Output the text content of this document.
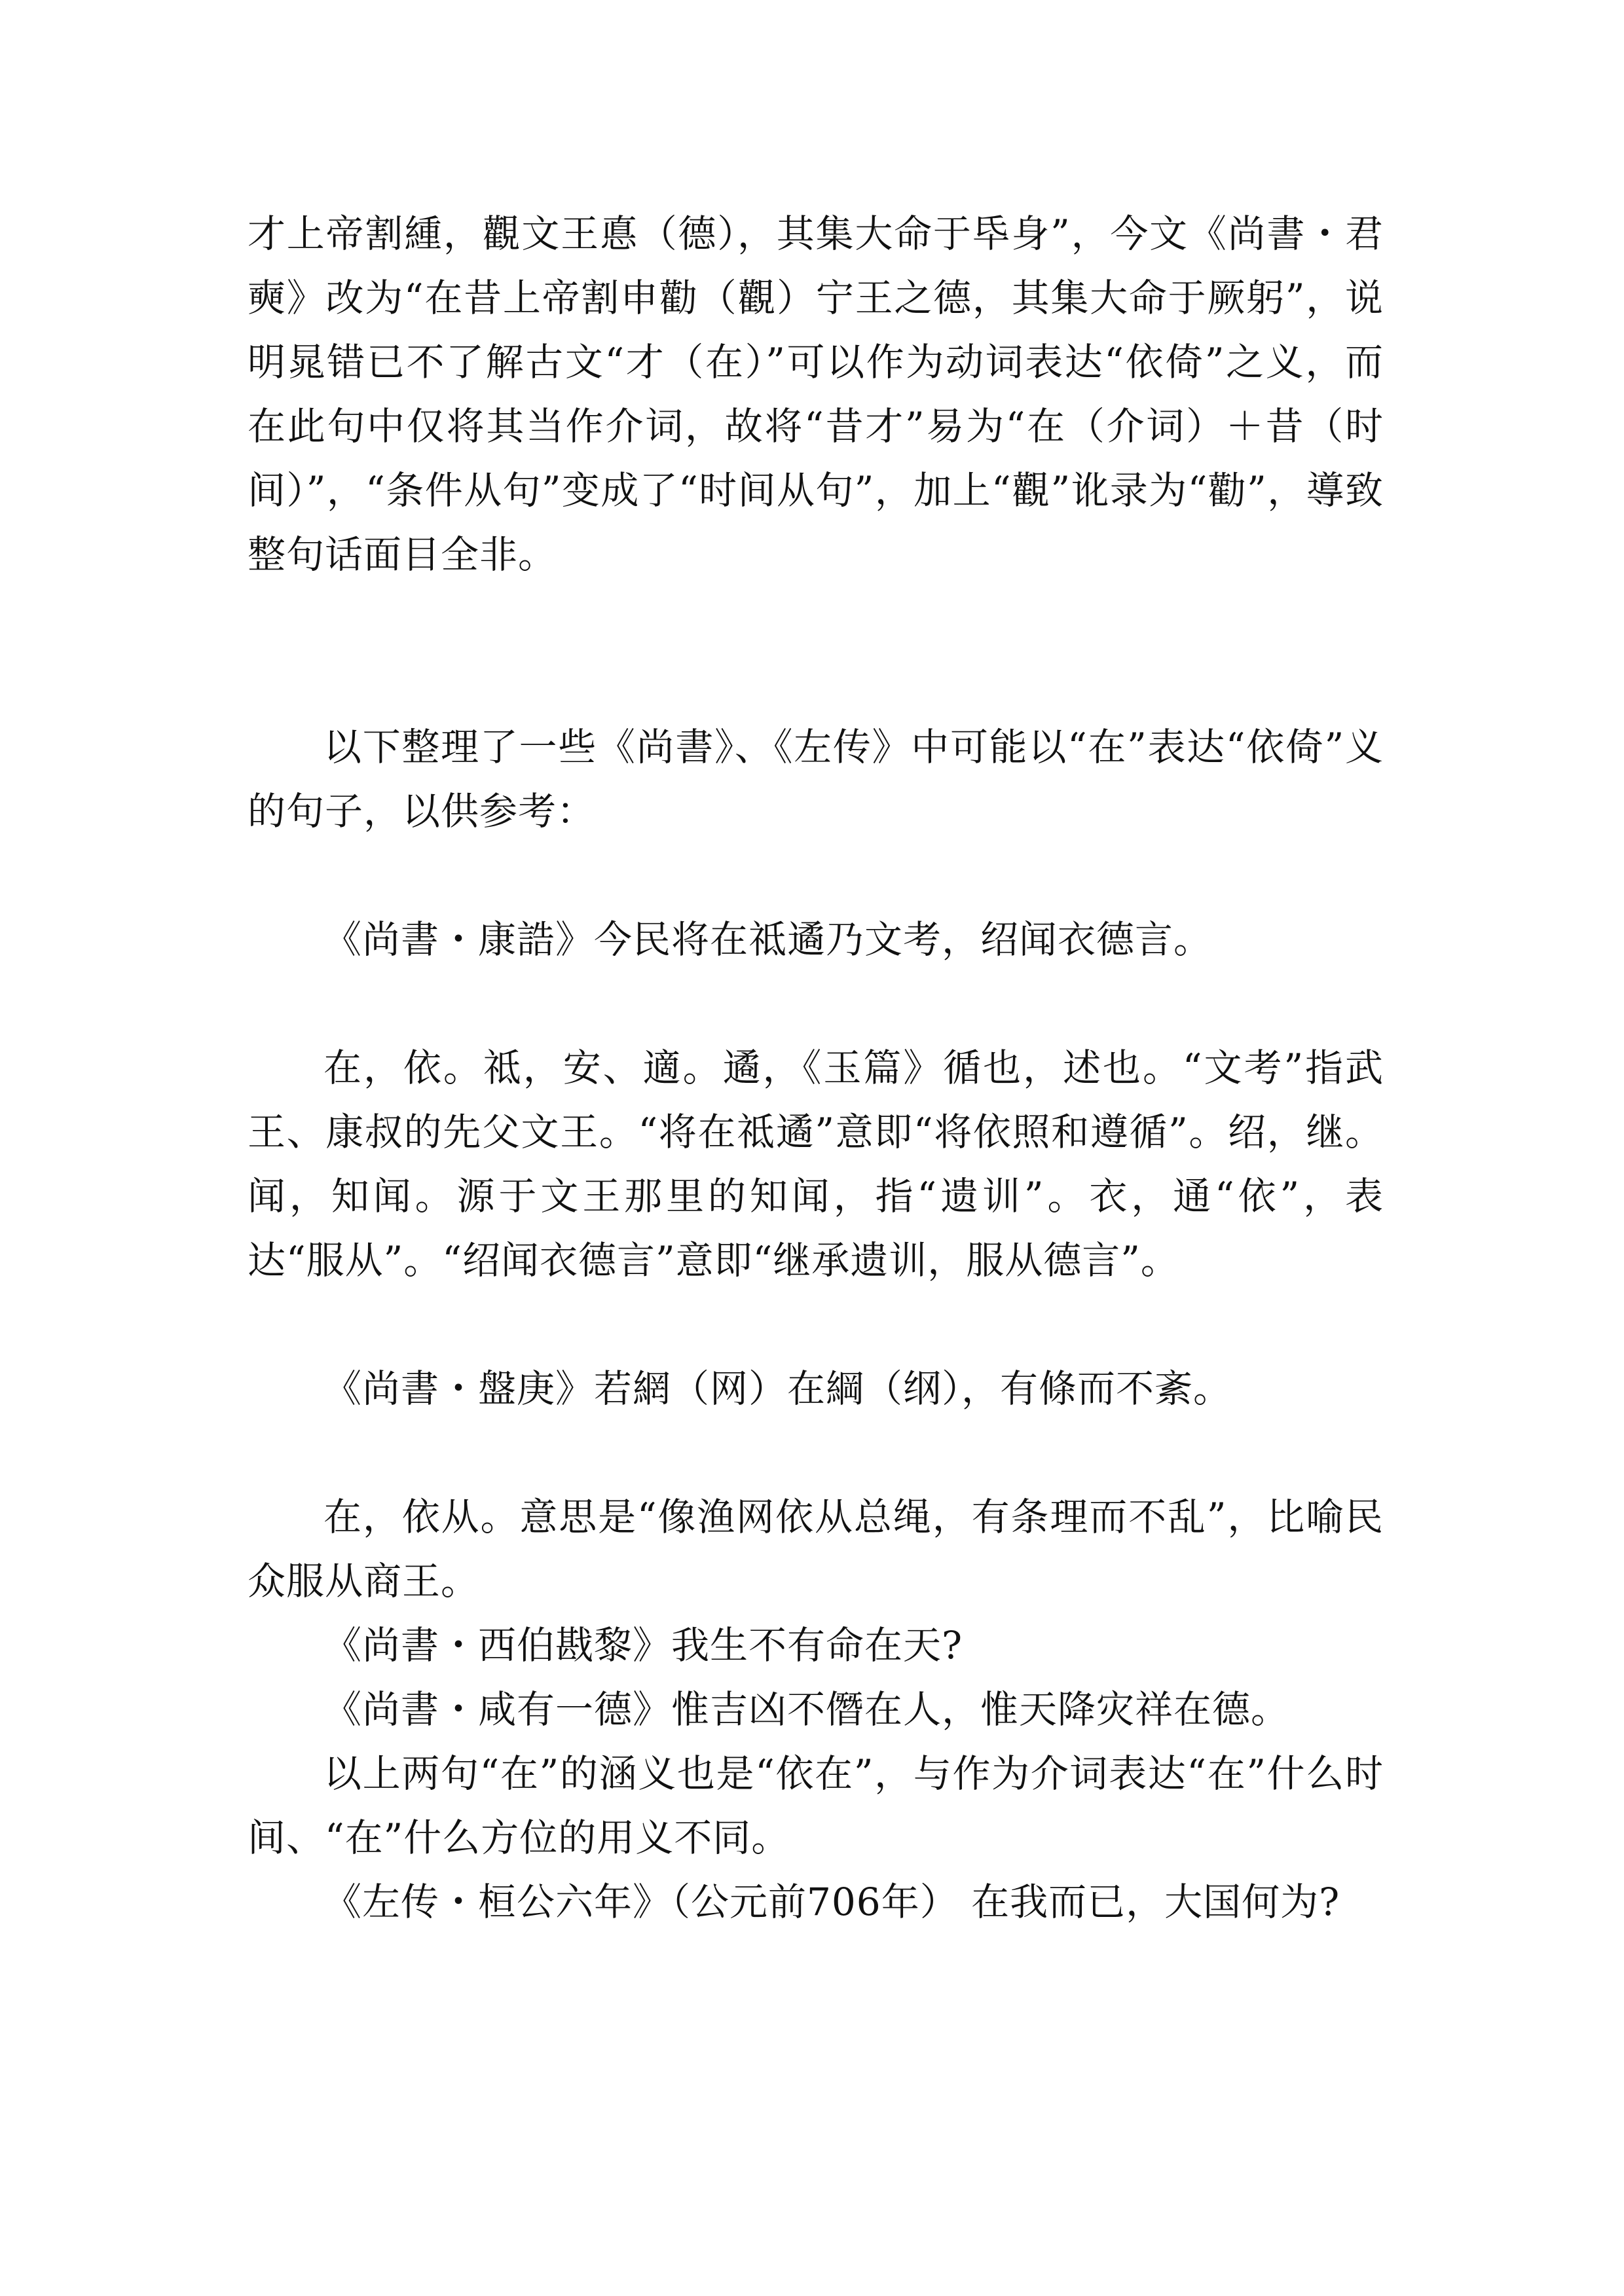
才上帝割緟，觀文王悳（德），其集大命于氒身”，今文《尚書・君奭》改为“在昔上帝割申勸（觀）宁王之德，其集大命于厥躬”，说明晁错已不了解古文“才（在）”可以作为动词表达“依倚”之义，而在此句中仅将其当作介词，故将“昔才”易为“在（介词）＋昔（时间）”，“条件从句”变成了“时间从句”，加上“觀”讹录为“勸”，導致整句话面目全非。

以下整理了一些《尚書》、《左传》中可能以“在”表达“依倚”义的句子，以供参考：

《尚書・康誥》今民将在祗遹乃文考，绍闻衣德言。

在，依。祗，安、適。遹，《玉篇》循也，述也。“文考”指武王、康叔的先父文王。“将在祗遹”意即“将依照和遵循”。绍，继。闻，知闻。源于文王那里的知闻，指“遗训”。衣，通“依”，表达“服从”。“绍闻衣德言”意即“继承遗训，服从德言”。

《尚書・盤庚》若網（网）在綱（纲），有條而不紊。

在，依从。意思是“像渔网依从总绳，有条理而不乱”，比喻民众服从商王。

《尚書・西伯戡黎》我生不有命在天?

《尚書・咸有一德》惟吉凶不僭在人，惟天降灾祥在德。

以上两句“在”的涵义也是“依在”，与作为介词表达“在”什么时间、“在”什么方位的用义不同。

《左传・桓公六年》（公元前706年） 在我而已，大国何为?
